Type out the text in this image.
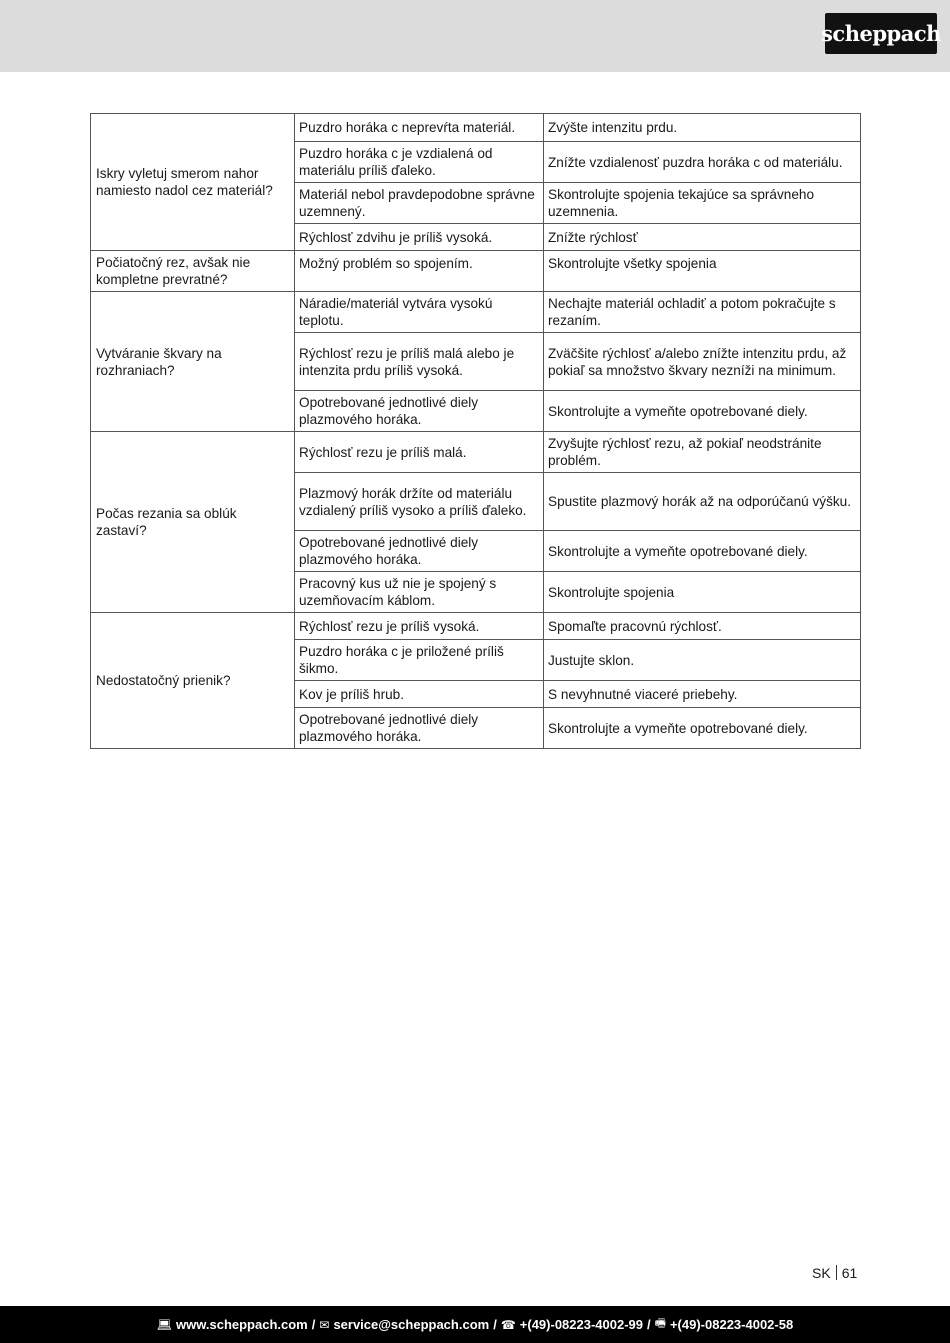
scheppach
Iskry vyletuj smerom nahor namiesto nadol cez materiál?	Puzdro horáka c neprevŕta materiál.	Zvýšte intenzitu prdu.
	Puzdro horáka c je vzdialená od materiálu príliš ďaleko.	Znížte vzdialenosť puzdra horáka c od materiálu.
	Materiál nebol pravdepodobne správne uzemnený.	Skontrolujte spojenia tekajúce sa správneho uzemnenia.
	Rýchlosť zdvihu je príliš vysoká.	Znížte rýchlosť
Počiatočný rez, avšak nie kompletne prevratné?	Možný problém so spojením.	Skontrolujte všetky spojenia
Vytváranie škvary na rozhraniach?	Náradie/materiál vytvára vysokú teplotu.	Nechajte materiál ochladiť a potom pokračujte s rezaním.
	Rýchlosť rezu je príliš malá alebo je intenzita prdu príliš vysoká.	Zväčšite rýchlosť a/alebo znížte intenzitu prdu, až pokiaľ sa množstvo škvary nezníži na minimum.
	Opotrebované jednotlivé diely plazmového horáka.	Skontrolujte a vymeňte opotrebované diely.
Počas rezania sa oblúk zastaví?	Rýchlosť rezu je príliš malá.	Zvyšujte rýchlosť rezu, až pokiaľ neodstránite problém.
	Plazmový horák držíte od materiálu vzdialený príliš vysoko a príliš ďaleko.	Spustite plazmový horák až na odporúčanú výšku.
	Opotrebované jednotlivé diely plazmového horáka.	Skontrolujte a vymeňte opotrebované diely.
	Pracovný kus už nie je spojený s uzemňovacím káblom.	Skontrolujte spojenia
Nedostatočný prienik?	Rýchlosť rezu je príliš vysoká.	Spomaľte pracovnú rýchlosť.
	Puzdro horáka c je priložené príliš šikmo.	Justujte sklon.
	Kov je príliš hrub.	S nevyhnutné viaceré priebehy.
	Opotrebované jednotlivé diely plazmového horáka.	Skontrolujte a vymeňte opotrebované diely.
SK 61
💻︎ www.scheppach.com / ✉ service@scheppach.com / ☎ +(49)-08223-4002-99 / 🖷︎ +(49)-08223-4002-58
